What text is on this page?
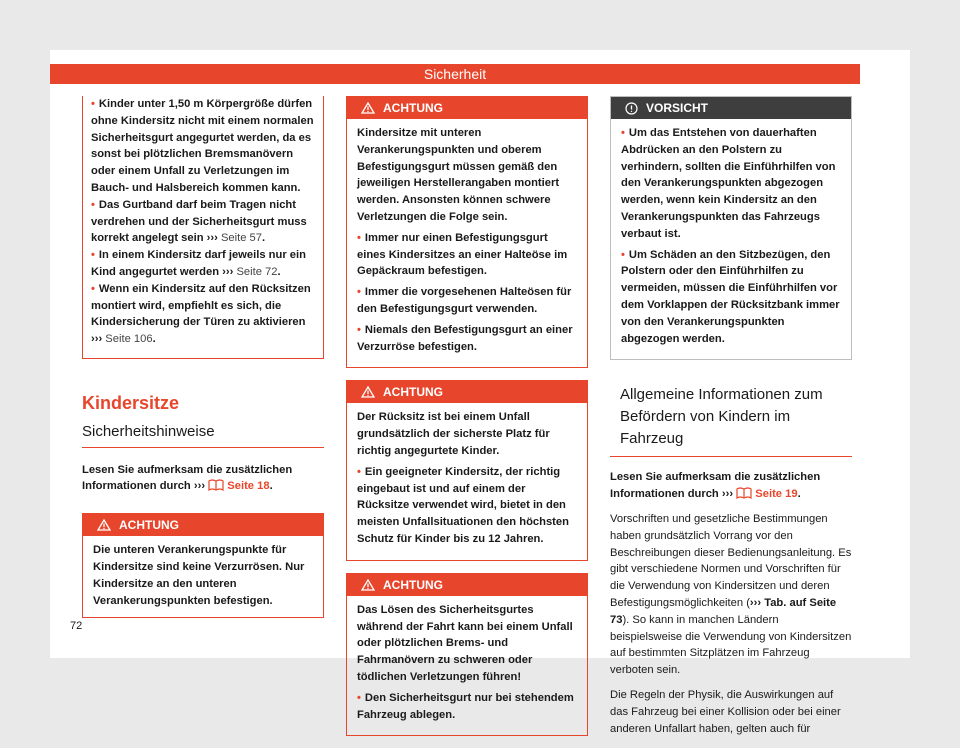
Sicherheit

• Kinder unter 1,50 m Körpergröße dürfen ohne Kindersitz nicht mit einem normalen Sicherheitsgurt angegurtet werden, da es sonst bei plötzlichen Bremsmanövern oder einem Unfall zu Verletzungen im Bauch- und Halsbereich kommen kann.

• Das Gurtband darf beim Tragen nicht verdrehen und der Sicherheitsgurt muss korrekt angelegt sein ››› Seite 57.

• In einem Kindersitz darf jeweils nur ein Kind angegurtet werden ››› Seite 72.

• Wenn ein Kindersitz auf den Rücksitzen montiert wird, empfiehlt es sich, die Kindersicherung der Türen zu aktivieren ››› Seite 106.

Kindersitze
Sicherheitshinweise

Lesen Sie aufmerksam die zusätzlichen Informationen durch ››› Seite 18.

ACHTUNG
Die unteren Verankerungspunkte für Kindersitze sind keine Verzurrösen. Nur Kindersitze an den unteren Verankerungspunkten befestigen.
ACHTUNG

Kindersitze mit unteren Verankerungspunkten und oberem Befestigungsgurt müssen gemäß den jeweiligen Herstellerangaben montiert werden. Ansonsten können schwere Verletzungen die Folge sein.

• Immer nur einen Befestigungsgurt eines Kindersitzes an einer Halteöse im Gepäckraum befestigen.

• Immer die vorgesehenen Halteösen für den Befestigungsgurt verwenden.

• Niemals den Befestigungsgurt an einer Verzurröse befestigen.

ACHTUNG

Der Rücksitz ist bei einem Unfall grundsätzlich der sicherste Platz für richtig angegurtete Kinder.

• Ein geeigneter Kindersitz, der richtig eingebaut ist und auf einem der Rücksitze verwendet wird, bietet in den meisten Unfallsituationen den höchsten Schutz für Kinder bis zu 12 Jahren.

ACHTUNG

Das Lösen des Sicherheitsgurtes während der Fahrt kann bei einem Unfall oder plötzlichen Brems- und Fahrmanövern zu schweren oder tödlichen Verletzungen führen!

• Den Sicherheitsgurt nur bei stehendem Fahrzeug ablegen.

VORSICHT

• Um das Entstehen von dauerhaften Abdrücken an den Polstern zu verhindern, sollten die Einführhilfen von den Verankerungspunkten abgezogen werden, wenn kein Kindersitz an den Verankerungspunkten das Fahrzeugs verbaut ist.

• Um Schäden an den Sitzbezügen, den Polstern oder den Einführhilfen zu vermeiden, müssen die Einführhilfen vor dem Vorklappen der Rücksitzbank immer von den Verankerungspunkten abgezogen werden.

Allgemeine Informationen zum Befördern von Kindern im Fahrzeug

Lesen Sie aufmerksam die zusätzlichen Informationen durch ››› Seite 19.

Vorschriften und gesetzliche Bestimmungen haben grundsätzlich Vorrang vor den Beschreibungen dieser Bedienungsanleitung. Es gibt verschiedene Normen und Vorschriften für die Verwendung von Kindersitzen und deren Befestigungsmöglichkeiten (››› Tab. auf Seite 73). So kann in manchen Ländern beispielsweise die Verwendung von Kindersitzen auf bestimmten Sitzplätzen im Fahrzeug verboten sein.

Die Regeln der Physik, die Auswirkungen auf das Fahrzeug bei einer Kollision oder bei einer anderen Unfallart haben, gelten auch für

72
